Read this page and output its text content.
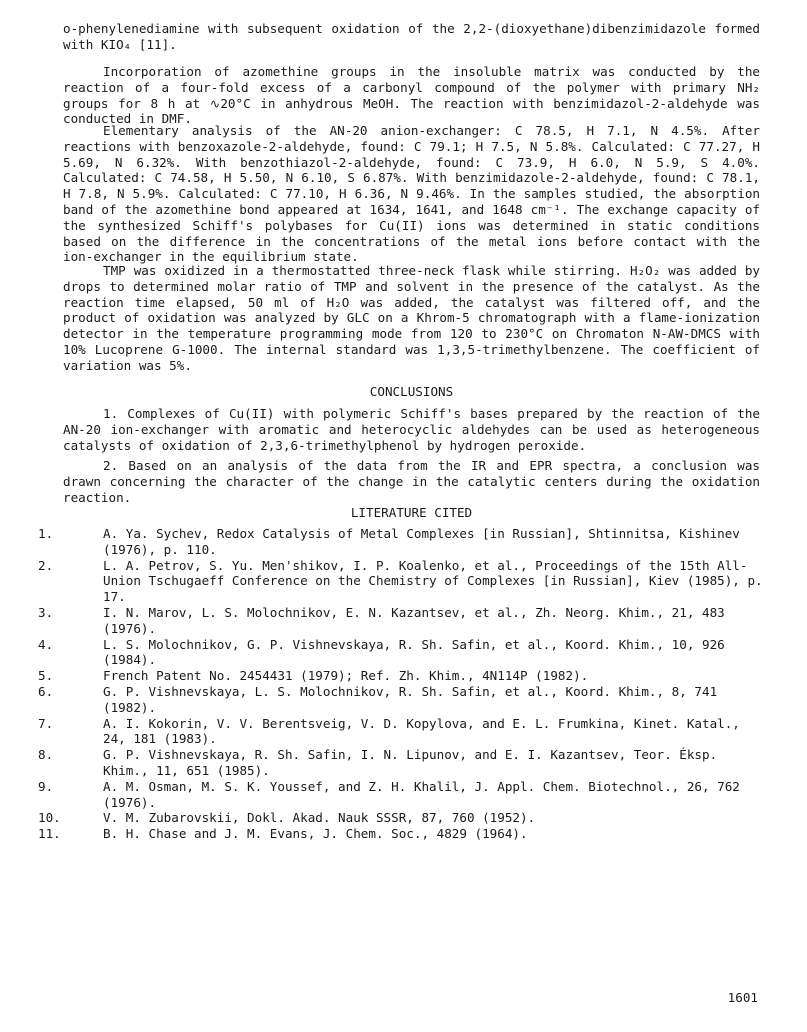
o-phenylenediamine with subsequent oxidation of the 2,2-(dioxyethane)dibenzimidazole formed with KIO₄ [11].

Incorporation of azomethine groups in the insoluble matrix was conducted by the reaction of a four-fold excess of a carbonyl compound of the polymer with primary NH₂ groups for 8 h at ∿20°C in anhydrous MeOH. The reaction with benzimidazol-2-aldehyde was conducted in DMF.

Elementary analysis of the AN-20 anion-exchanger: C 78.5, H 7.1, N 4.5%. After reactions with benzoxazole-2-aldehyde, found: C 79.1; H 7.5, N 5.8%. Calculated: C 77.27, H 5.69, N 6.32%. With benzothiazol-2-aldehyde, found: C 73.9, H 6.0, N 5.9, S 4.0%. Calculated: C 74.58, H 5.50, N 6.10, S 6.87%. With benzimidazole-2-aldehyde, found: C 78.1, H 7.8, N 5.9%. Calculated: C 77.10, H 6.36, N 9.46%. In the samples studied, the absorption band of the azomethine bond appeared at 1634, 1641, and 1648 cm⁻¹. The exchange capacity of the synthesized Schiff's polybases for Cu(II) ions was determined in static conditions based on the difference in the concentrations of the metal ions before contact with the ion-exchanger in the equilibrium state.

TMP was oxidized in a thermostatted three-neck flask while stirring. H₂O₂ was added by drops to determined molar ratio of TMP and solvent in the presence of the catalyst. As the reaction time elapsed, 50 ml of H₂O was added, the catalyst was filtered off, and the product of oxidation was analyzed by GLC on a Khrom-5 chromatograph with a flame-ionization detector in the temperature programming mode from 120 to 230°C on Chromaton N-AW-DMCS with 10% Lucoprene G-1000. The internal standard was 1,3,5-trimethylbenzene. The coefficient of variation was 5%.

CONCLUSIONS

1. Complexes of Cu(II) with polymeric Schiff's bases prepared by the reaction of the AN-20 ion-exchanger with aromatic and heterocyclic aldehydes can be used as heterogeneous catalysts of oxidation of 2,3,6-trimethylphenol by hydrogen peroxide.

2. Based on an analysis of the data from the IR and EPR spectra, a conclusion was drawn concerning the character of the change in the catalytic centers during the oxidation reaction.

LITERATURE CITED
1.	A. Ya. Sychev, Redox Catalysis of Metal Complexes [in Russian], Shtinnitsa, Kishinev (1976), p. 110.
2.	L. A. Petrov, S. Yu. Men'shikov, I. P. Koalenko, et al., Proceedings of the 15th All-Union Tschugaeff Conference on the Chemistry of Complexes [in Russian], Kiev (1985), p. 17.
3.	I. N. Marov, L. S. Molochnikov, E. N. Kazantsev, et al., Zh. Neorg. Khim., 21, 483 (1976).
4.	L. S. Molochnikov, G. P. Vishnevskaya, R. Sh. Safin, et al., Koord. Khim., 10, 926 (1984).
5.	French Patent No. 2454431 (1979); Ref. Zh. Khim., 4N114P (1982).
6.	G. P. Vishnevskaya, L. S. Molochnikov, R. Sh. Safin, et al., Koord. Khim., 8, 741 (1982).
7.	A. I. Kokorin, V. V. Berentsveig, V. D. Kopylova, and E. L. Frumkina, Kinet. Katal., 24, 181 (1983).
8.	G. P. Vishnevskaya, R. Sh. Safin, I. N. Lipunov, and E. I. Kazantsev, Teor. Éksp. Khim., 11, 651 (1985).
9.	A. M. Osman, M. S. K. Youssef, and Z. H. Khalil, J. Appl. Chem. Biotechnol., 26, 762 (1976).
10.	V. M. Zubarovskii, Dokl. Akad. Nauk SSSR, 87, 760 (1952).
11.	B. H. Chase and J. M. Evans, J. Chem. Soc., 4829 (1964).
1601
